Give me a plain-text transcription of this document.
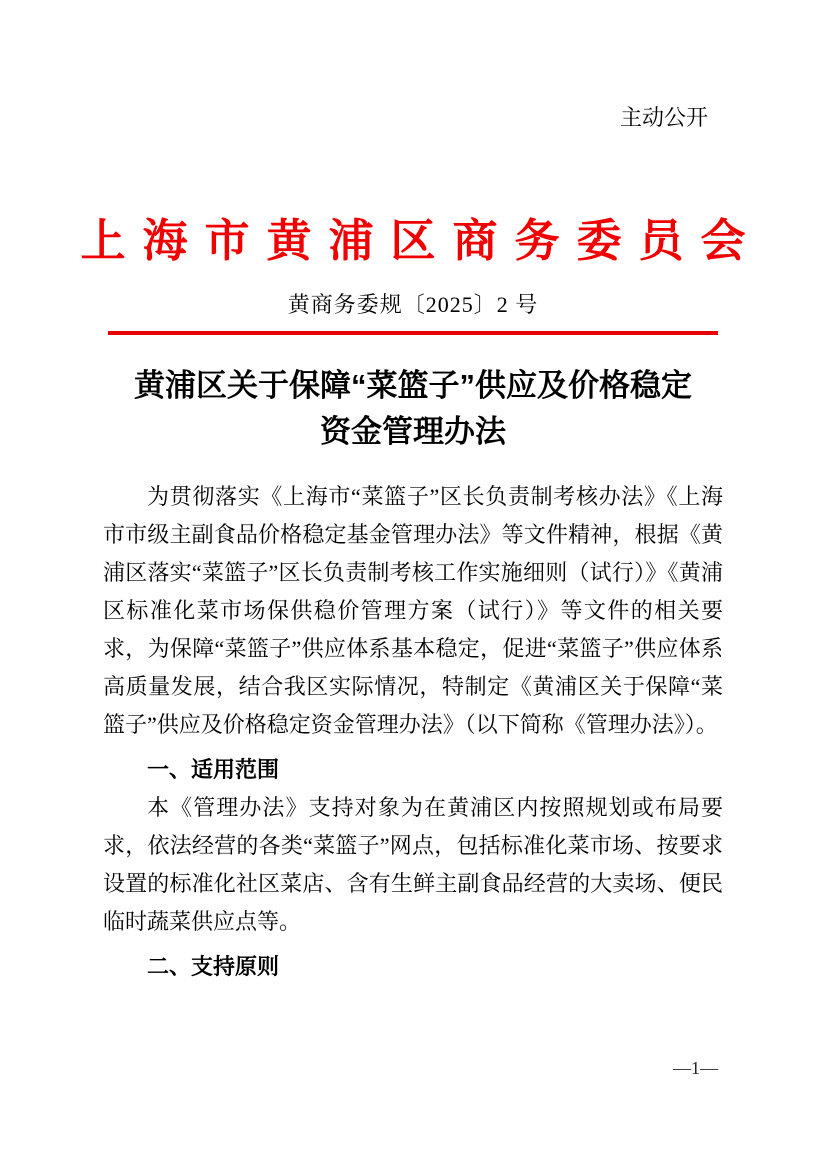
主动公开
上海市黄浦区商务委员会
黄商务委规〔2025〕2 号
黄浦区关于保障“菜篮子”供应及价格稳定
资金管理办法

为贯彻落实《上海市“菜篮子”区长负责制考核办法》《上海市市级主副食品价格稳定基金管理办法》等文件精神，根据《黄浦区落实“菜篮子”区长负责制考核工作实施细则（试行）》《黄浦区标准化菜市场保供稳价管理方案（试行）》等文件的相关要求，为保障“菜篮子”供应体系基本稳定，促进“菜篮子”供应体系高质量发展，结合我区实际情况，特制定《黄浦区关于保障“菜篮子”供应及价格稳定资金管理办法》（以下简称《管理办法》）。

一、适用范围

本《管理办法》支持对象为在黄浦区内按照规划或布局要求，依法经营的各类“菜篮子”网点，包括标准化菜市场、按要求设置的标准化社区菜店、含有生鲜主副食品经营的大卖场、便民临时蔬菜供应点等。

二、支持原则
—1—
